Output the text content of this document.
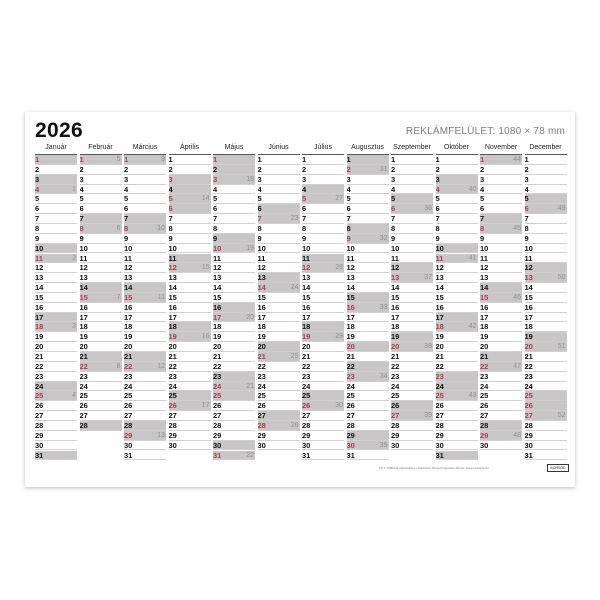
2026	REKLÁMFELÜLET: 1080 × 78 mm
Január
1
2
3
4	1
5
6
7
8
9
10
11	2
12
13
14
15
16
17
18	3
19
20
21
22
23
24
25	4
26
27
28
29
30
31
Február
1	5
2
3
4
5
6
7
8	6
9
10
11
12
13
14
15	7
16
17
18
19
20
21
22	8
23
24
25
26
27
28
Március
1	9
2
3
4
5
6
7
8	10
9
10
11
12
13
14
15	11
16
17
18
19
20
21
22	12
23
24
25
26
27
28
29	13
30
31
Április
1
2
3
4
5	14
6
7
8
9
10
11
12	15
13
14
15
16
17
18
19	16
20
21
22
23
24
25
26	17
27
28
29
30
Május
1
2
3	18
4
5
6
7
8
9
10	19
11
12
13
14
15
16
17	20
18
19
20
21
22
23
24	21
25
26
27
28
29
30
31	22
Június
1
2
3
4
5
6
7	23
8
9
10
11
12
13
14	24
15
16
17
18
19
20
21	25
22
23
24
25
26
27
28	26
29
30
Július
1
2
3
4
5	27
6
7
8
9
10
11
12	28
13
14
15
16
17
18
19	29
20
21
22
23
24
25
26	30
27
28
29
30
31
Augusztus
1
2	31
3
4
5
6
7
8
9	32
10
11
12
13
14
15
16	33
17
18
19
20
21
22
23	34
24
25
26
27
28
29
30	35
31
Szeptember
1
2
3
4
5
6	36
7
8
9
10
11
12
13	37
14
15
16
17
18
19
20	38
21
22
23
24
25
26
27	39
28
29
30
Október
1
2
3
4	40
5
6
7
8
9
10
11	41
12
13
14
15
16
17
18	42
19
20
21
22
23
24
25	43
26
27
28
29
30
31
November
1	44
2
3
4
5
6
7
8	45
9
10
11
12
13
14
15	46
16
17
18
19
20
21
22	47
23
24
25
26
27
28
29	48
30
December
1
2
3
4
5
6	49
7
8
9
10
11
12
13	50
14
15
16
17
18
19
20	51
21
22
23
24
25
26
27	52
28
29
30
31
TV-T 7/0860 E-elérhetőség • Inspiráció: Borsod Nyomda • Bérlet: www.example.hu	BORSOD
